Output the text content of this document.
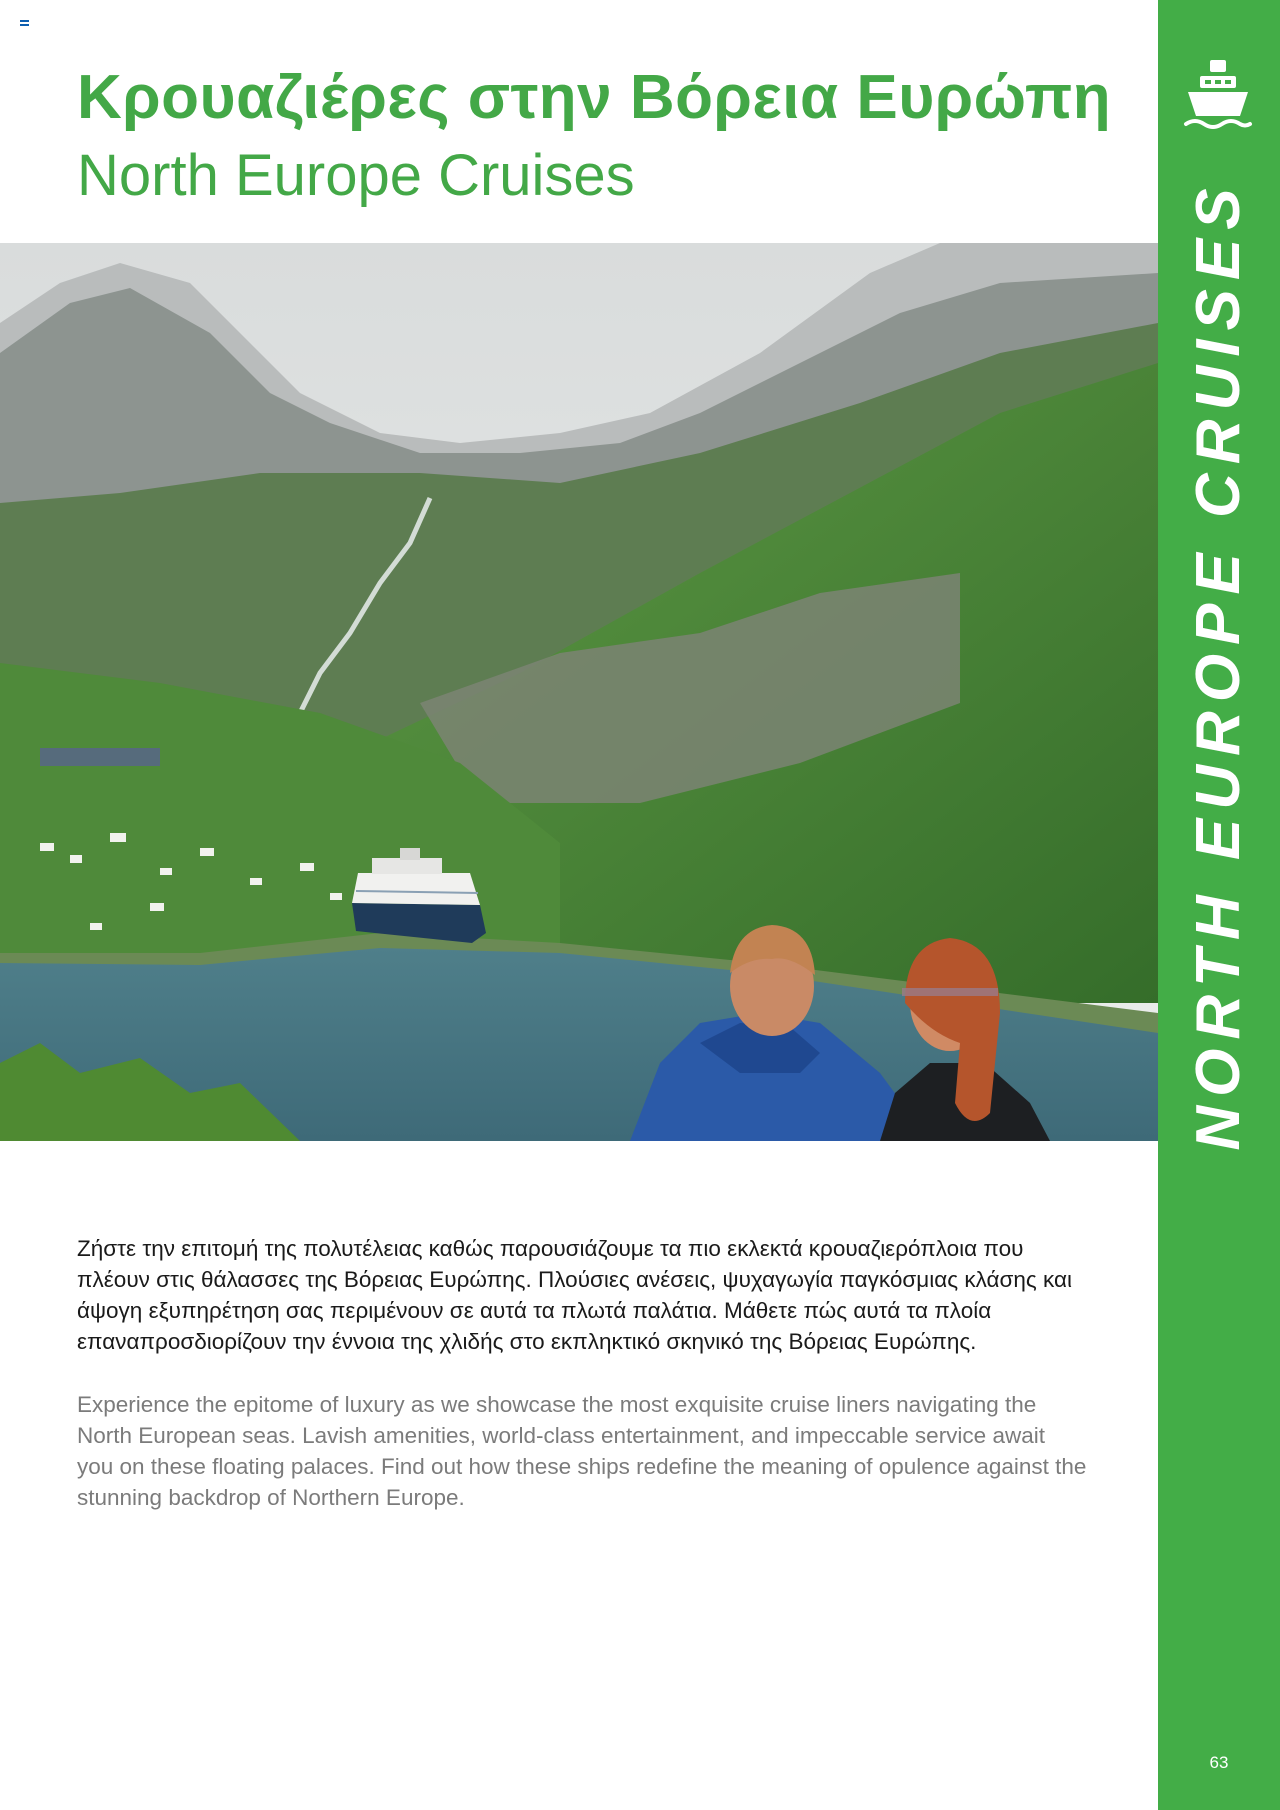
Κρουαζιέρες στην Βόρεια Ευρώπη
North Europe Cruises
NORTH EUROPE CRUISES

Ζήστε την επιτομή της πολυτέλειας καθώς παρουσιάζουμε τα πιο εκλεκτά κρουαζιερόπλοια που πλέουν στις θάλασσες της Βόρειας Ευρώπης. Πλούσιες ανέσεις, ψυχαγωγία παγκόσμιας κλάσης και άψογη εξυπηρέτηση σας περιμένουν σε αυτά τα πλωτά παλάτια. Μάθετε πώς αυτά τα πλοία επαναπροσδιορίζουν την έννοια της χλιδής στο εκπληκτικό σκηνικό της Βόρειας Ευρώπης.

Experience the epitome of luxury as we showcase the most exquisite cruise liners navigating the North European seas. Lavish amenities, world-class entertainment, and impeccable service await you on these floating palaces. Find out how these ships redefine the meaning of opulence against the stunning backdrop of Northern Europe.

63
